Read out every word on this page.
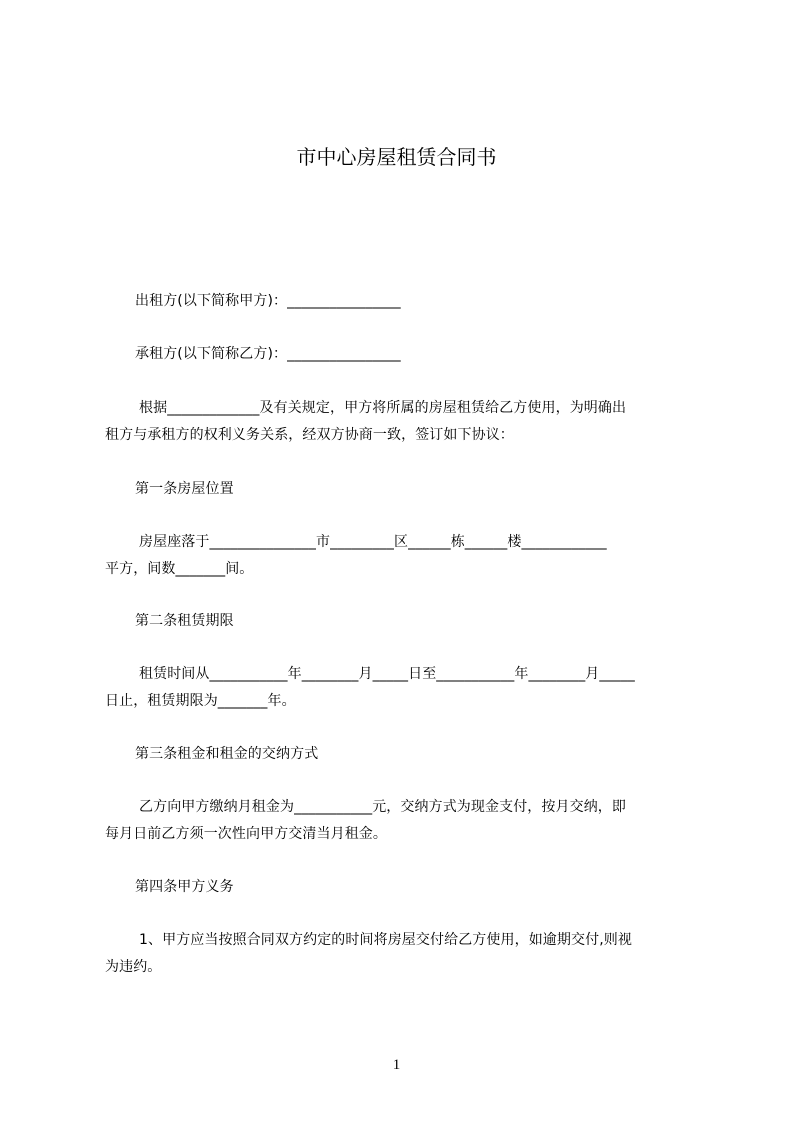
市中心房屋租赁合同书
出租方(以下简称甲方)：________________
承租方(以下简称乙方)：________________
根据_____________及有关规定，甲方将所属的房屋租赁给乙方使用，为明确出
租方与承租方的权利义务关系，经双方协商一致，签订如下协议：
第一条房屋位置
房屋座落于_______________市_________区______栋______楼____________
平方，间数_______间。
第二条租赁期限
租赁时间从___________年________月_____日至___________年________月_____
日止，租赁期限为_______年。
第三条租金和租金的交纳方式
乙方向甲方缴纳月租金为___________元，交纳方式为现金支付，按月交纳，即
每月日前乙方须一次性向甲方交清当月租金。
第四条甲方义务
1、甲方应当按照合同双方约定的时间将房屋交付给乙方使用，如逾期交付,则视
为违约。
1
